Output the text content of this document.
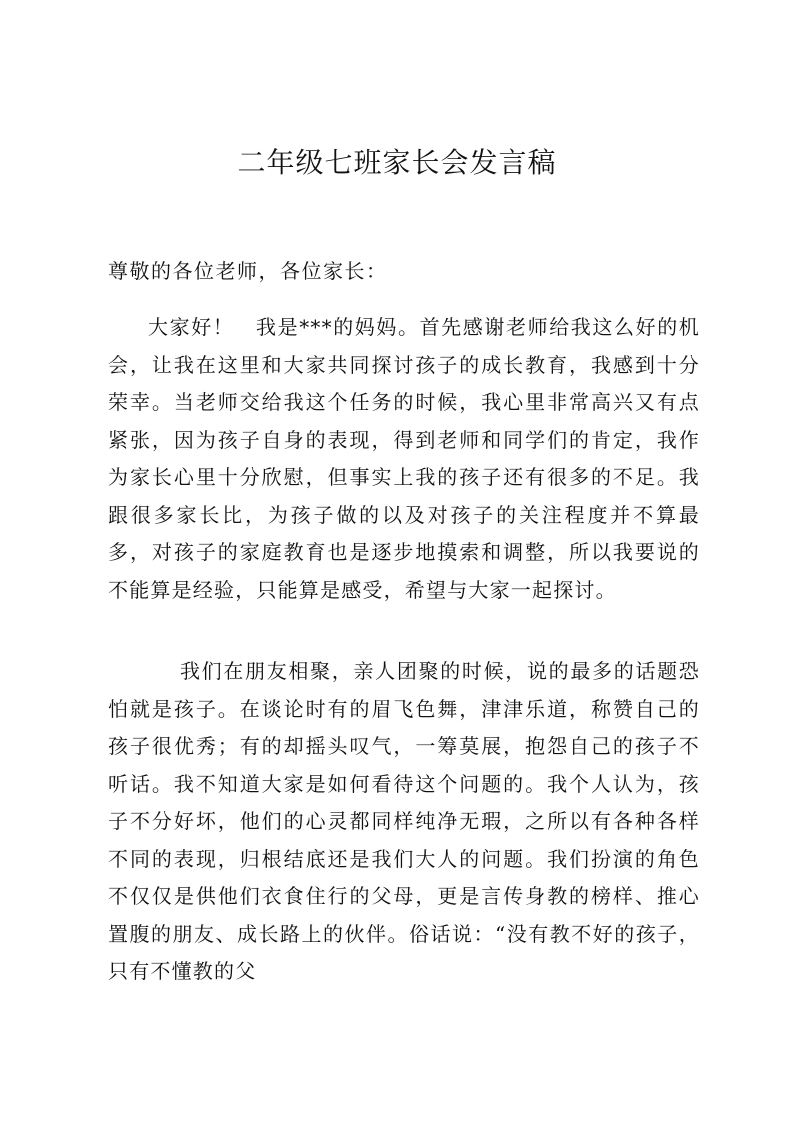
二年级七班家长会发言稿

尊敬的各位老师，各位家长：

大家好！　我是***的妈妈。首先感谢老师给我这么好的机会，让我在这里和大家共同探讨孩子的成长教育，我感到十分荣幸。当老师交给我这个任务的时候，我心里非常高兴又有点紧张，因为孩子自身的表现，得到老师和同学们的肯定，我作为家长心里十分欣慰，但事实上我的孩子还有很多的不足。我跟很多家长比，为孩子做的以及对孩子的关注程度并不算最多，对孩子的家庭教育也是逐步地摸索和调整，所以我要说的不能算是经验，只能算是感受，希望与大家一起探讨。

我们在朋友相聚，亲人团聚的时候，说的最多的话题恐怕就是孩子。在谈论时有的眉飞色舞，津津乐道，称赞自己的孩子很优秀；有的却摇头叹气，一筹莫展，抱怨自己的孩子不听话。我不知道大家是如何看待这个问题的。我个人认为，孩子不分好坏，他们的心灵都同样纯净无瑕，之所以有各种各样不同的表现，归根结底还是我们大人的问题。我们扮演的角色不仅仅是供他们衣食住行的父母，更是言传身教的榜样、推心置腹的朋友、成长路上的伙伴。俗话说：“没有教不好的孩子，只有不懂教的父
